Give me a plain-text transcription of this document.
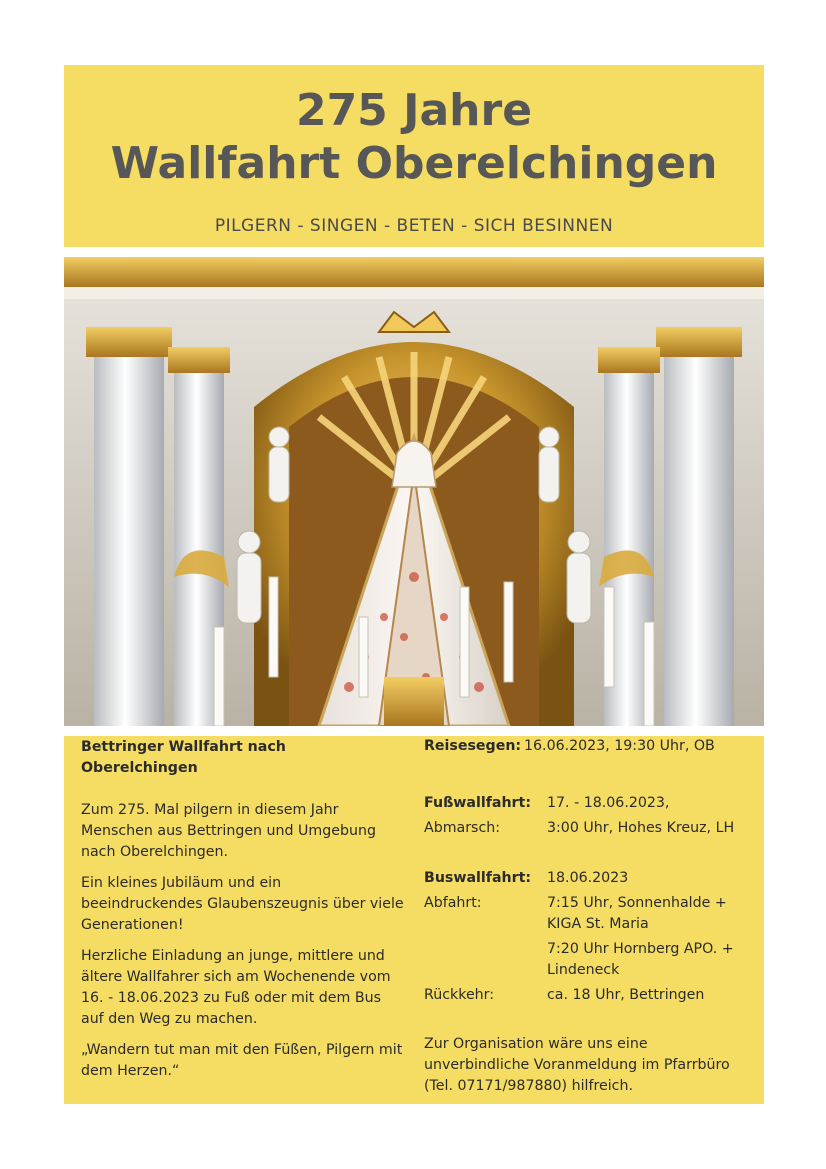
275 Jahre
Wallfahrt Oberelchingen
PILGERN - SINGEN - BETEN - SICH BESINNEN

Bettringer Wallfahrt nach Oberelchingen

Zum 275. Mal pilgern in diesem Jahr Menschen aus Bettringen und Umgebung nach Oberelchingen.

Ein kleines Jubiläum und ein beeindruckendes Glaubenszeugnis über viele Generationen!

Herzliche Einladung an junge, mittlere und ältere Wallfahrer sich am Wochenende vom 16. - 18.06.2023 zu Fuß oder mit dem Bus auf den Weg zu machen.

„Wandern tut man mit den Füßen, Pilgern mit dem Herzen.“

Reisesegen: 16.06.2023, 19:30 Uhr, OB
Fußwallfahrt: 17. - 18.06.2023,
Abmarsch:	3:00 Uhr, Hohes Kreuz, LH
Buswallfahrt: 18.06.2023
Abfahrt:	7:15 Uhr, Sonnenhalde + KIGA St. Maria
7:20 Uhr Hornberg APO. + Lindeneck
Rückkehr:	ca. 18 Uhr, Bettringen
Zur Organisation wäre uns eine unverbindliche Voranmeldung im Pfarrbüro (Tel. 07171/987880) hilfreich.
